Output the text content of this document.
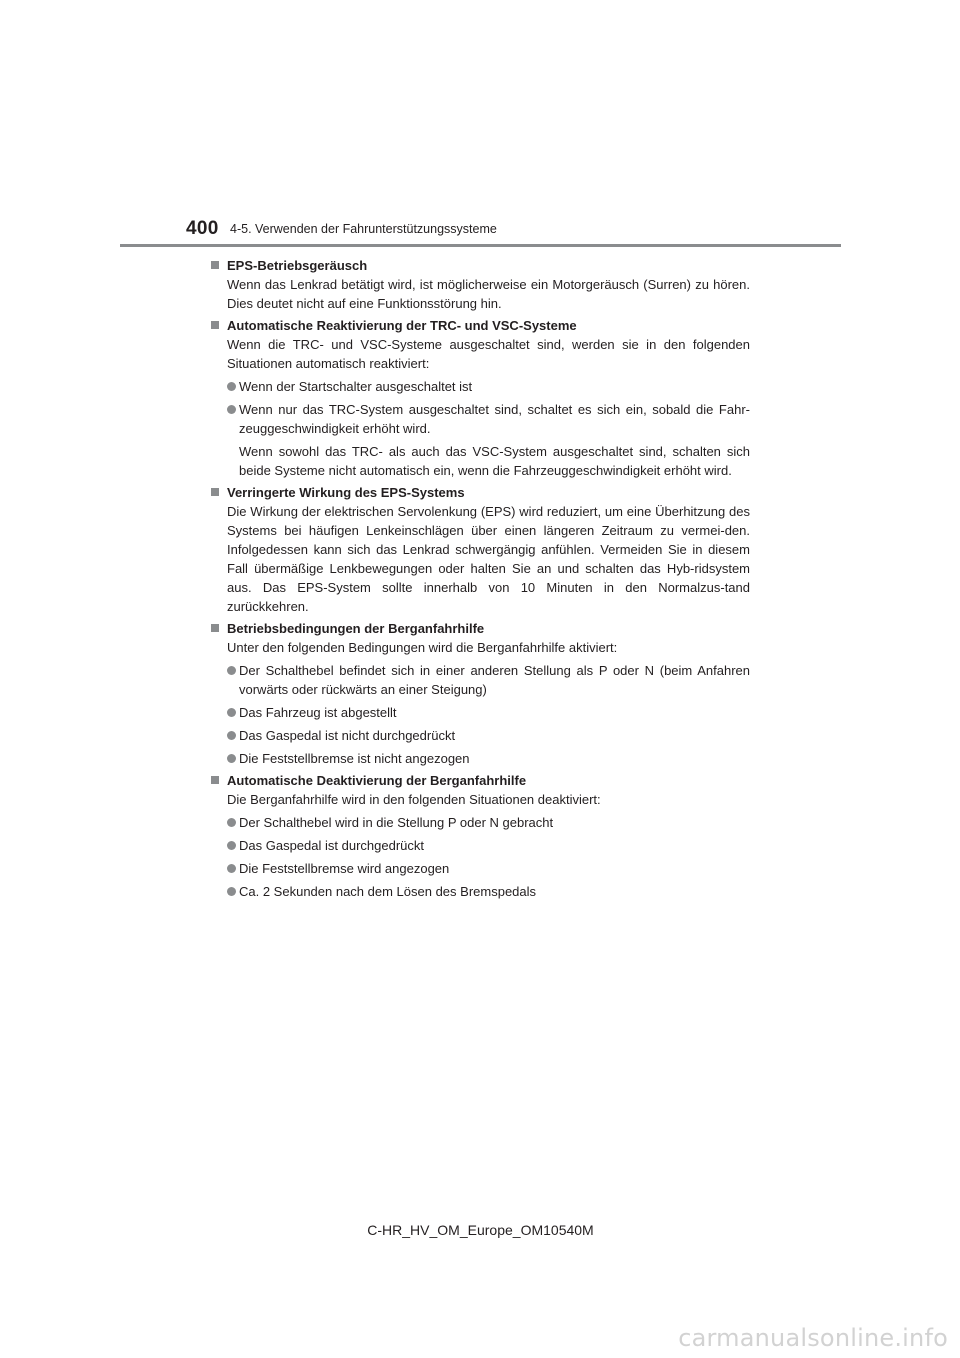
400 4-5. Verwenden der Fahrunterstützungssysteme
EPS-Betriebsgeräusch
Wenn das Lenkrad betätigt wird, ist möglicherweise ein Motorgeräusch (Surren) zu hören. Dies deutet nicht auf eine Funktionsstörung hin.
Automatische Reaktivierung der TRC- und VSC-Systeme
Wenn die TRC- und VSC-Systeme ausgeschaltet sind, werden sie in den folgenden Situationen automatisch reaktiviert:
Wenn der Startschalter ausgeschaltet ist
Wenn nur das TRC-System ausgeschaltet sind, schaltet es sich ein, sobald die Fahr-zeuggeschwindigkeit erhöht wird.
Wenn sowohl das TRC- als auch das VSC-System ausgeschaltet sind, schalten sich beide Systeme nicht automatisch ein, wenn die Fahrzeuggeschwindigkeit erhöht wird.
Verringerte Wirkung des EPS-Systems
Die Wirkung der elektrischen Servolenkung (EPS) wird reduziert, um eine Überhitzung des Systems bei häufigen Lenkeinschlägen über einen längeren Zeitraum zu vermei-den. Infolgedessen kann sich das Lenkrad schwergängig anfühlen. Vermeiden Sie in diesem Fall übermäßige Lenkbewegungen oder halten Sie an und schalten das Hyb-ridsystem aus. Das EPS-System sollte innerhalb von 10 Minuten in den Normalzus-tand zurückkehren.
Betriebsbedingungen der Berganfahrhilfe
Unter den folgenden Bedingungen wird die Berganfahrhilfe aktiviert:
Der Schalthebel befindet sich in einer anderen Stellung als P oder N (beim Anfahren vorwärts oder rückwärts an einer Steigung)
Das Fahrzeug ist abgestellt
Das Gaspedal ist nicht durchgedrückt
Die Feststellbremse ist nicht angezogen
Automatische Deaktivierung der Berganfahrhilfe
Die Berganfahrhilfe wird in den folgenden Situationen deaktiviert:
Der Schalthebel wird in die Stellung P oder N gebracht
Das Gaspedal ist durchgedrückt
Die Feststellbremse wird angezogen
Ca. 2 Sekunden nach dem Lösen des Bremspedals
C-HR_HV_OM_Europe_OM10540M
carmanualsonline.info
